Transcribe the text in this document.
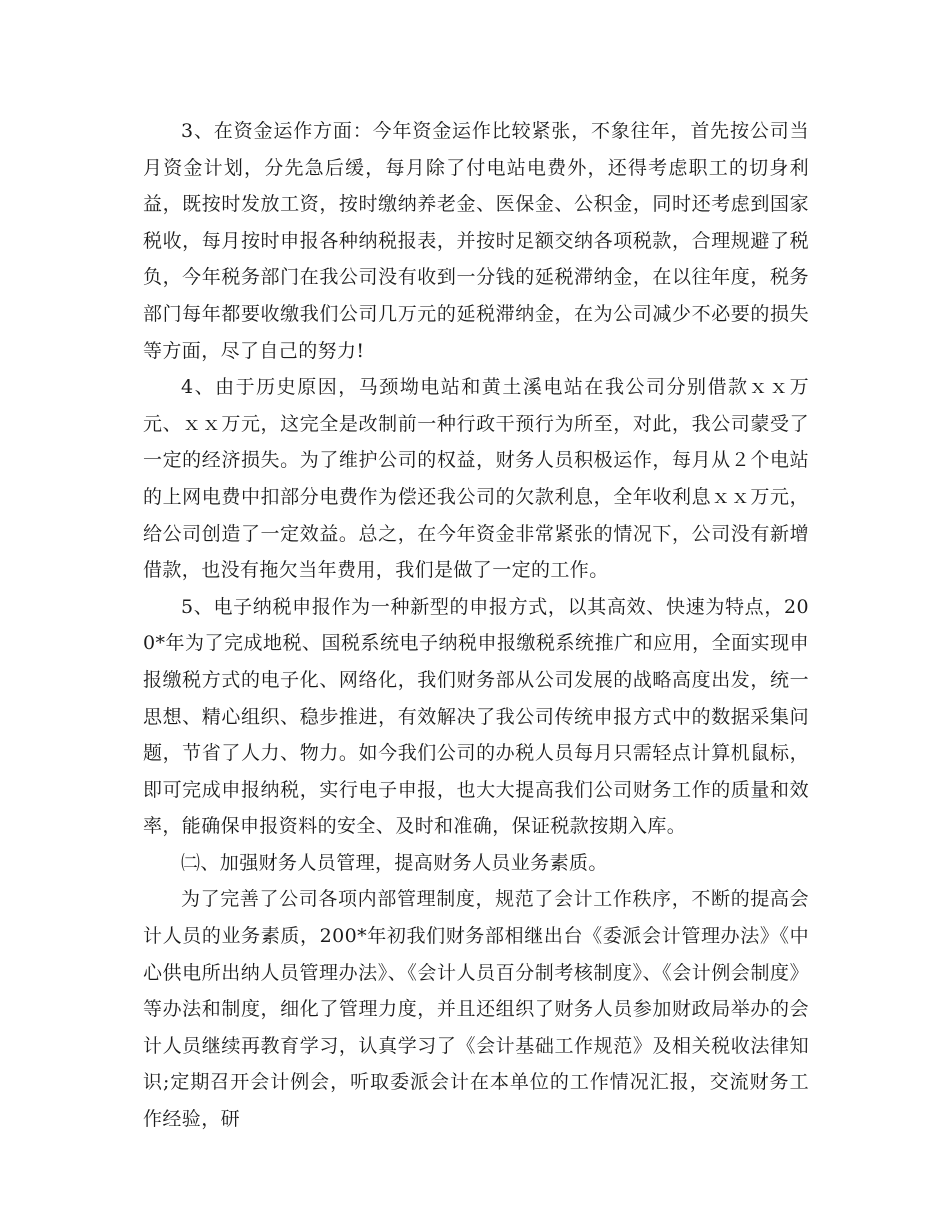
3、在资金运作方面：今年资金运作比较紧张，不象往年，首先按公司当月资金计划，分先急后缓，每月除了付电站电费外，还得考虑职工的切身利益，既按时发放工资，按时缴纳养老金、医保金、公积金，同时还考虑到国家税收，每月按时申报各种纳税报表，并按时足额交纳各项税款，合理规避了税负，今年税务部门在我公司没有收到一分钱的延税滞纳金，在以往年度，税务部门每年都要收缴我们公司几万元的延税滞纳金，在为公司减少不必要的损失等方面，尽了自己的努力!

4、由于历史原因，马颈坳电站和黄土溪电站在我公司分别借款ｘｘ万元、ｘｘ万元，这完全是改制前一种行政干预行为所至，对此，我公司蒙受了一定的经济损失。为了维护公司的权益，财务人员积极运作，每月从２个电站的上网电费中扣部分电费作为偿还我公司的欠款利息，全年收利息ｘｘ万元，给公司创造了一定效益。总之，在今年资金非常紧张的情况下，公司没有新增借款，也没有拖欠当年费用，我们是做了一定的工作。

5、电子纳税申报作为一种新型的申报方式，以其高效、快速为特点，200*年为了完成地税、国税系统电子纳税申报缴税系统推广和应用，全面实现申报缴税方式的电子化、网络化，我们财务部从公司发展的战略高度出发，统一思想、精心组织、稳步推进，有效解决了我公司传统申报方式中的数据采集问题，节省了人力、物力。如今我们公司的办税人员每月只需轻点计算机鼠标，即可完成申报纳税，实行电子申报，也大大提高我们公司财务工作的质量和效率，能确保申报资料的安全、及时和准确，保证税款按期入库。

㈡、加强财务人员管理，提高财务人员业务素质。

为了完善了公司各项内部管理制度，规范了会计工作秩序，不断的提高会计人员的业务素质，200*年初我们财务部相继出台《委派会计管理办法》《中心供电所出纳人员管理办法》、《会计人员百分制考核制度》、《会计例会制度》等办法和制度，细化了管理力度，并且还组织了财务人员参加财政局举办的会计人员继续再教育学习，认真学习了《会计基础工作规范》及相关税收法律知识;定期召开会计例会，听取委派会计在本单位的工作情况汇报，交流财务工作经验，研
